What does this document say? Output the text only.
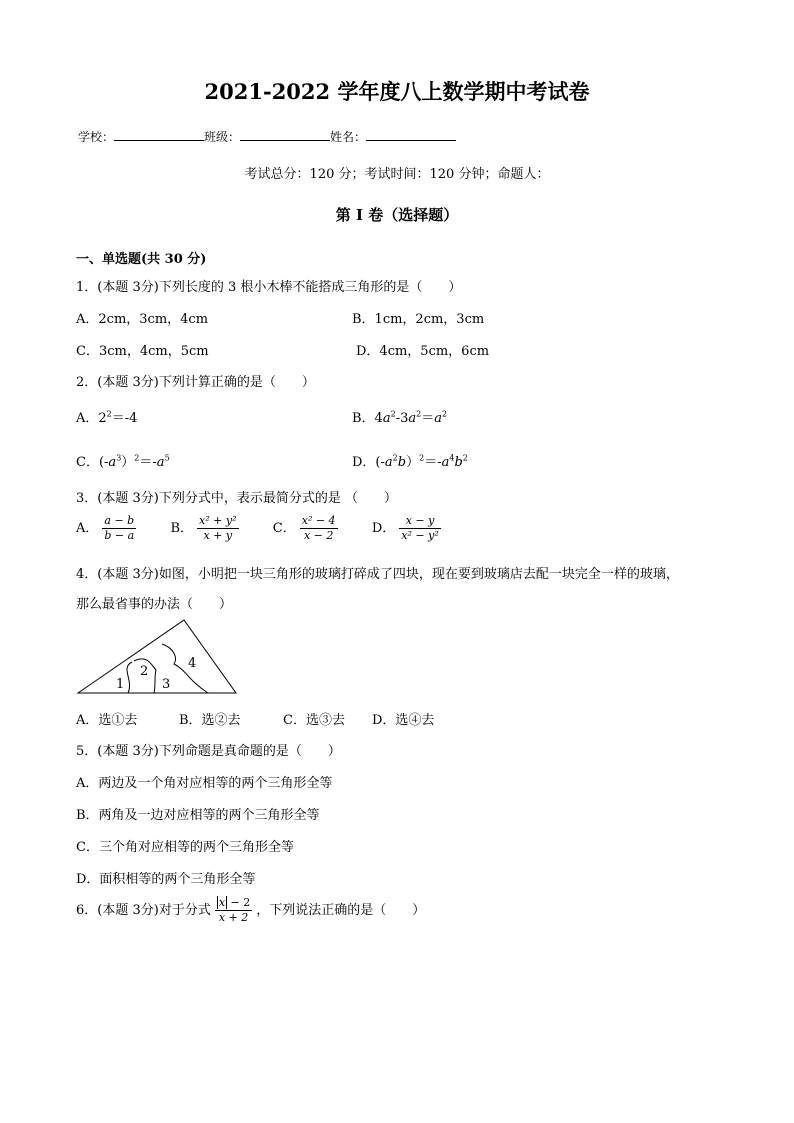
2021-2022 学年度八上数学期中考试卷
学校：	班级：	姓名：
考试总分：120 分；考试时间：120 分钟；命题人：
第 I 卷（选择题）
一、单选题(共 30 分)
1．(本题 3分)下列长度的 3 根小木棒不能搭成三角形的是（　　）
A．2cm，3cm，4cm	B．1cm，2cm，3cm
C．3cm，4cm，5cm	D．4cm，5cm，6cm
2．(本题 3分)下列计算正确的是（　　）
A．$2^2=-4$	B．$4a^2-3a^2=a^2$
C．$(-a^3)^2=-a^5$	D．$(-a^2b)^2=-a^4b^2$
3．(本题 3分)下列分式中，表示最简分式的是 （　　）
A． $\frac{a - b}{b - a}$	B． $\frac{\text{x² + y²}}{x + y}$	C． $\frac{\text{x² − 4}}{x - 2}$	D． $\frac{x - y}{\text{x² − y²}}$
4．(本题 3分)如图，小明把一块三角形的玻璃打碎成了四块，现在要到玻璃店去配一块完全一样的玻璃，
那么最省事的办法（　　）
1
2
3
4
A．选①去	B．选②去	C．选③去 D．选④去
5．(本题 3分)下列命题是真命题的是（　　）
A．两边及一个角对应相等的两个三角形全等
B．两角及一边对应相等的两个三角形全等
C．三个角对应相等的两个三角形全等
D．面积相等的两个三角形全等
6．(本题 3分)对于分式 $\frac{x - 2}{x + 2}$ ，下列说法正确的是（　　）
